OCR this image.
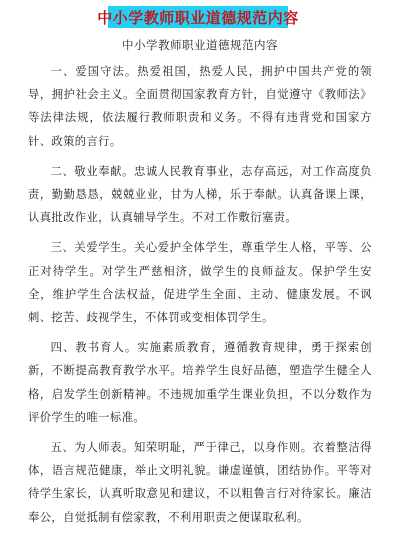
中小学教师职业道德规范内容
中小学教师职业道德规范内容

一、爱国守法。热爱祖国，热爱人民，拥护中国共产党的领导，拥护社会主义。全面贯彻国家教育方针，自觉遵守《教师法》等法律法规，依法履行教师职责和义务。不得有违背党和国家方针、政策的言行。

二、敬业奉献。忠诚人民教育事业，志存高远，对工作高度负责，勤勤恳恳，兢兢业业，甘为人梯，乐于奉献。认真备课上课，认真批改作业，认真辅导学生。不对工作敷衍塞责。

三、关爱学生。关心爱护全体学生，尊重学生人格，平等、公正对待学生。对学生严慈相济，做学生的良师益友。保护学生安全，维护学生合法权益，促进学生全面、主动、健康发展。不讽刺、挖苦、歧视学生，不体罚或变相体罚学生。

四、教书育人。实施素质教育，遵循教育规律，勇于探索创新，不断提高教育教学水平。培养学生良好品德，塑造学生健全人格，启发学生创新精神。不违规加重学生课业负担，不以分数作为评价学生的唯一标准。

五、为人师表。知荣明耻，严于律己，以身作则。衣着整洁得体，语言规范健康，举止文明礼貌。谦虚谨慎，团结协作。平等对待学生家长，认真听取意见和建议，不以粗鲁言行对待家长。廉洁奉公，自觉抵制有偿家教，不利用职责之便谋取私利。
